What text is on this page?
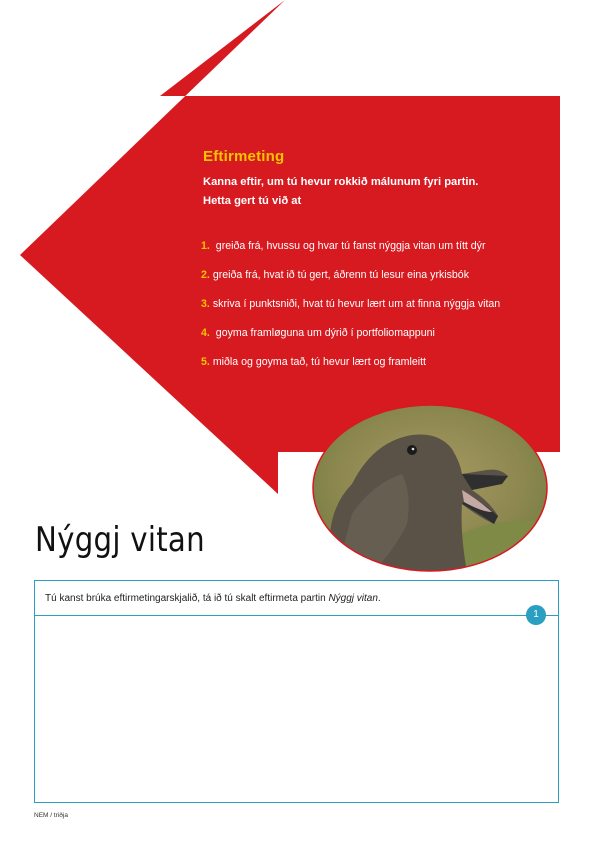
Eftirmeting
Kanna eftir, um tú hevur rokkið málunum fyri partin.
Hetta gert tú við at
1. greiða frá, hvussu og hvar tú fanst nýggja vitan um títt dýr
2. greiða frá, hvat ið tú gert, áðrenn tú lesur eina yrkisbók
3. skriva í punktsniði, hvat tú hevur lært um at finna nýggja vitan
4. goyma framløguna um dýrið í portfoliomappuni
5. miðla og goyma tað, tú hevur lært og framleitt
Nýggj vitan
Tú kanst brúka eftirmetingarskjalið, tá ið tú skalt eftirmeta partin Nýggj vitan.
1
NEM / triðja
